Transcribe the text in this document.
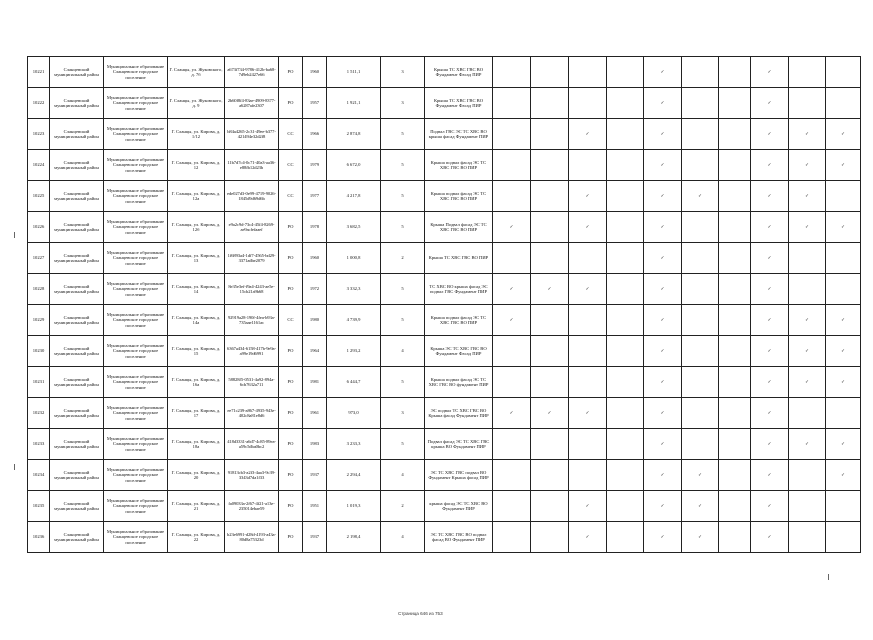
10221	Сланцевский муниципальный район	Муниципальное образование Сланцевское городское поселение	Г. Сланцы, ул. Жуковского, д. 7б	a673f734-9786-412b-ba68-7d9eb2427e66	РО	1960	1 511,1	3	Крыша ТС ХВС ГВС ВО Фундамент Фасад ПИР					✓			✓		
10222	Сланцевский муниципальный район	Муниципальное образование Сланцевское городское поселение	Г. Сланцы, ул. Жуковского, д. 9	2b60f8f4-83ae-4909-8377-a6287afe2307	РО	1957	1 921,1	3	Крыша ТС ХВС ГВС ВО Фундамент Фасад ПИР					✓			✓		
10223	Сланцевский муниципальный район	Муниципальное образование Сланцевское городское поселение	Г. Сланцы, ул. Кирова, д. 1/12	b84a4265-2c31-49ee-b377-421494e32d2f8	СС	1966	2 874,8	5	Подвал ГВС ЭС ТС ХВС ВО крыша фасад Фундамент ПИР			✓		✓			✓	✓	✓
10224	Сланцевский муниципальный район	Муниципальное образование Сланцевское городское поселение	Г. Сланцы, ул. Кирова, д. 12	11b7d7c4-0c71-40a3-aa36-e88fb12d23b	СС	1979	6 672,0	5	Крыша подвал фасад ЭС ТС ХВС ГВС ВО ПИР					✓			✓	✓	✓
10225	Сланцевский муниципальный район	Муниципальное образование Сланцевское городское поселение	Г. Сланцы, ул. Кирова, д. 12а	ede027d3-0e99-4719-9026-1845d9d69d6b	СС	1977	4 217,8	5	Крыша подвал фасад ЭС ТС ХВС ГВС ВО ПИР			✓		✓	✓		✓	✓	
10226	Сланцевский муниципальный район	Муниципальное образование Сланцевское городское поселение	Г. Сланцы, ул. Кирова, д. 12б	e9a2c9d-73c4-45f4-8269-ae9acfefaaef	РО	1978	3 682,5	5	Крыша Подвал фасад ЭС ТС ХВС ГВС ВО ПИР	✓		✓		✓			✓	✓	✓
10227	Сланцевский муниципальный район	Муниципальное образование Сланцевское городское поселение	Г. Сланцы, ул. Кирова, д. 13	1f6893a4-1df7-4565-bd29-3371adbe2079	РО	1960	1 000,8	2	Крыша ТС ХВС ГВС ВО ПИР					✓			✓		
10228	Сланцевский муниципальный район	Муниципальное образование Сланцевское городское поселение	Г. Сланцы, ул. Кирова, д. 14	8e35e3ef-f9a4-4243-ae5e-15cb21a9b68	РО	1972	3 332,3	5	ТС ХВС ВО крыша фасад ЭС подвал ГВС Фундамент ПИР	✓	✓	✓		✓			✓		
10229	Сланцевский муниципальный район	Муниципальное образование Сланцевское городское поселение	Г. Сланцы, ул. Кирова, д. 14а	92919a28-190f-4fea-b93a-735aae1161ac	СС	1980	4 739,9	5	Крыша подвал фасад ЭС ТС ХВС ГВС ВО ПИР	✓				✓			✓	✓	✓
10230	Сланцевский муниципальный район	Муниципальное образование Сланцевское городское поселение	Г. Сланцы, ул. Кирова, д. 15	6367a434-6158-417b-9e9a-a99e19d6991	РО	1964	1 293,2	4	Крыша ЭС ТС ХВС ГВС ВО Фундамент Фасад ПИР					✓			✓	✓	✓
10231	Сланцевский муниципальный район	Муниципальное образование Сланцевское городское поселение	Г. Сланцы, ул. Кирова, д. 16а	58828f5-0531-4a92-894a-6cb7632a711	РО	1981	6 444,7	5	Крыша подвал фасад ЭС ТС ХВС ГВС ВО фундамент ПИР					✓			✓	✓	✓
10232	Сланцевский муниципальный район	Муниципальное образование Сланцевское городское поселение	Г. Сланцы, ул. Кирова, д. 17	ee71c239-a867-4935-943e-402c8a81e8d6	РО	1961	973,0	3	ЭС подвал ТС ХВС ГВС ВО Крыша фасад Фундамент ПИР	✓	✓	✓		✓			✓		
10233	Сланцевский муниципальный район	Муниципальное образование Сланцевское городское поселение	Г. Сланцы, ул. Кирова, д. 18а	418d3331-a6d7-4c85-89ea-a59c5dba0bc2	РО	1983	3 233,3	5	Подвал фасад ЭС ТС ХВС ГВС крыша ВО Фундамент ПИР					✓			✓	✓	✓
10234	Сланцевский муниципальный район	Муниципальное образование Сланцевское городское поселение	Г. Сланцы, ул. Кирова, д. 20	91813cb3-a2f3-4aa3-9c39-3343d7da1f33	РО	1937	2 294,4	4	ЭС ТС ХВС ГВС подвал ВО Фундамент Крыша фасад ПИР					✓	✓		✓		✓
10235	Сланцевский муниципальный район	Муниципальное образование Сланцевское городское поселение	Г. Сланцы, ул. Кирова, д. 21	fa09033a-2f67-4f21-a13e-235014ebae59	РО	1951	1 019,3	2	крыша фасад ЭС ТС ХВС ВО Фундамент ПИР			✓		✓	✓		✓		
10236	Сланцевский муниципальный район	Муниципальное образование Сланцевское городское поселение	Г. Сланцы, ул. Кирова, д. 22	b23e6991-d28d-4193-a43a-80d8a75323d	РО	1937	2 198,4	4	ЭС ТС ХВС ГВС ВО подвал фасад ВО Фундамент ПИР			✓		✓	✓		✓		
Страница 646 из 753
